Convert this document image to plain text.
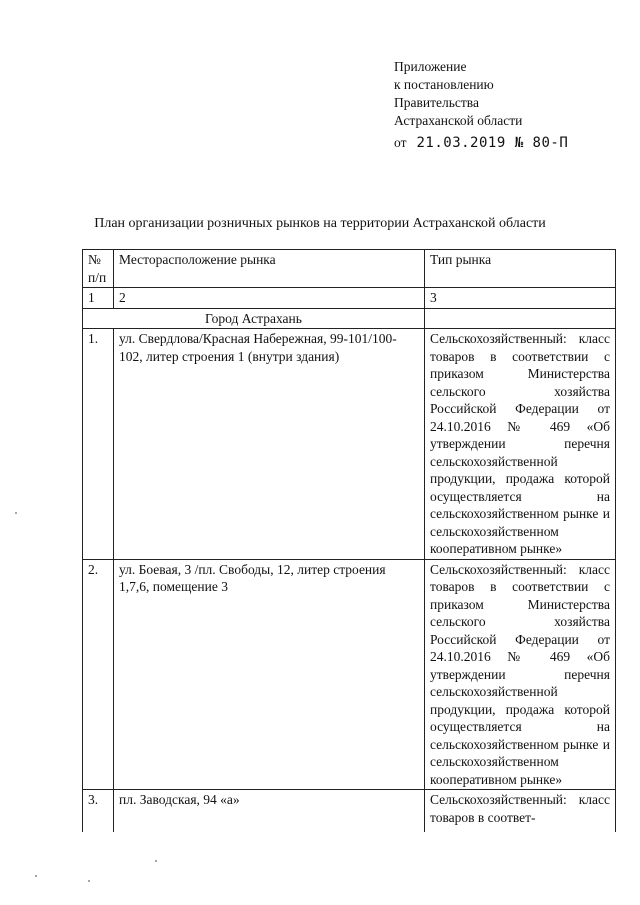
Приложение
к постановлению
Правительства
Астраханской области
от 21.03.2019 № 80-П
План организации розничных рынков на территории Астраханской области
№ п/п	Месторасположение рынка	Тип рынка
1	2	3
Город Астрахань		
1.	ул. Свердлова/Красная Набережная, 99-101/100-102, литер строения 1 (внутри здания)	Сельскохозяйственный: класс товаров в соответствии с приказом Министерства сельского хозяйства Российской Федерации от 24.10.2016 № 469 «Об утверждении перечня сельскохозяйственной продукции, продажа которой осуществляется на сельскохозяйственном рынке и сельскохозяйственном кооперативном рынке»
2.	ул. Боевая, 3 /пл. Свободы, 12, литер строения 1,7,6, помещение 3	Сельскохозяйственный: класс товаров в соответствии с приказом Министерства сельского хозяйства Российской Федерации от 24.10.2016 № 469 «Об утверждении перечня сельскохозяйственной продукции, продажа которой осуществляется на сельскохозяйственном рынке и сельскохозяйственном кооперативном рынке»
3.	пл. Заводская, 94 «а»	Сельскохозяйственный: класс товаров в соответ-
